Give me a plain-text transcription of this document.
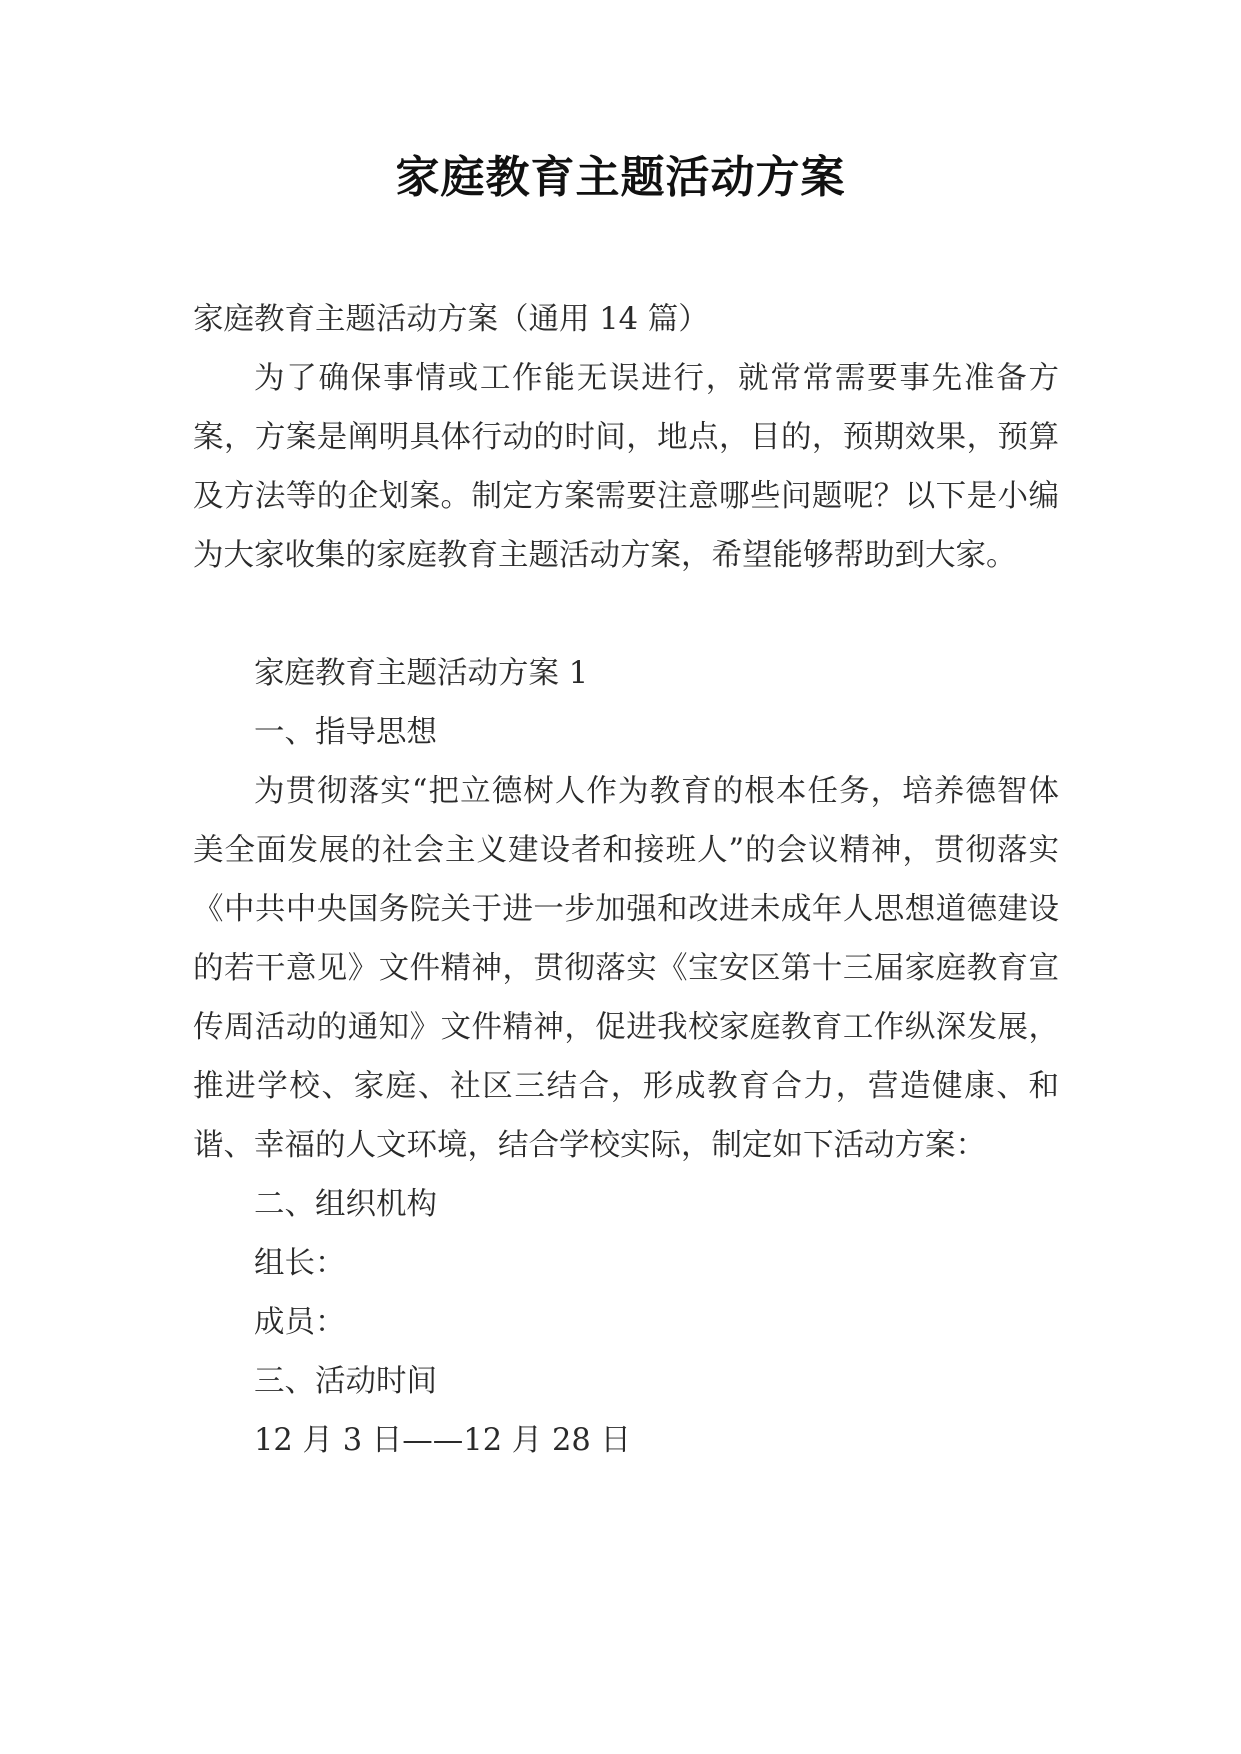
家庭教育主题活动方案

家庭教育主题活动方案（通用 14 篇）

为了确保事情或工作能无误进行，就常常需要事先准备方案，方案是阐明具体行动的时间，地点，目的，预期效果，预算及方法等的企划案。制定方案需要注意哪些问题呢？以下是小编为大家收集的家庭教育主题活动方案，希望能够帮助到大家。

家庭教育主题活动方案 1

一、指导思想

为贯彻落实“把立德树人作为教育的根本任务，培养德智体美全面发展的社会主义建设者和接班人”的会议精神，贯彻落实《中共中央国务院关于进一步加强和改进未成年人思想道德建设的若干意见》文件精神，贯彻落实《宝安区第十三届家庭教育宣传周活动的通知》文件精神，促进我校家庭教育工作纵深发展，推进学校、家庭、社区三结合，形成教育合力，营造健康、和谐、幸福的人文环境，结合学校实际，制定如下活动方案：

二、组织机构

组长：

成员：

三、活动时间

12 月 3 日——12 月 28 日
